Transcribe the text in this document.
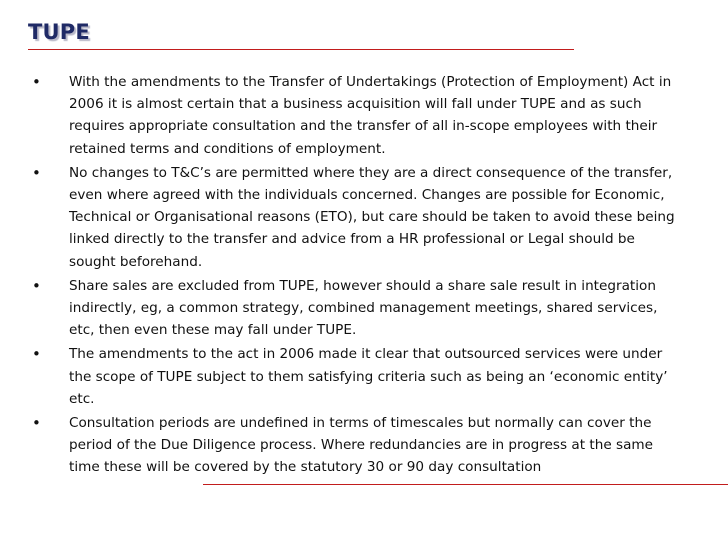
TUPE
• With the amendments to the Transfer of Undertakings (Protection of Employment) Act in 2006 it is almost certain that a business acquisition will fall under TUPE and as such requires appropriate consultation and the transfer of all in-scope employees with their retained terms and conditions of employment.
• No changes to T&C’s are permitted where they are a direct consequence of the transfer, even where agreed with the individuals concerned. Changes are possible for Economic, Technical or Organisational reasons (ETO), but care should be taken to avoid these being linked directly to the transfer and advice from a HR professional or Legal should be sought beforehand.
• Share sales are excluded from TUPE, however should a share sale result in integration indirectly, eg, a common strategy, combined management meetings, shared services, etc, then even these may fall under TUPE.
• The amendments to the act in 2006 made it clear that outsourced services were under the scope of TUPE subject to them satisfying criteria such as being an ‘economic entity’ etc.
• Consultation periods are undefined in terms of timescales but normally can cover the period of the Due Diligence process. Where redundancies are in progress at the same time these will be covered by the statutory 30 or 90 day consultation
